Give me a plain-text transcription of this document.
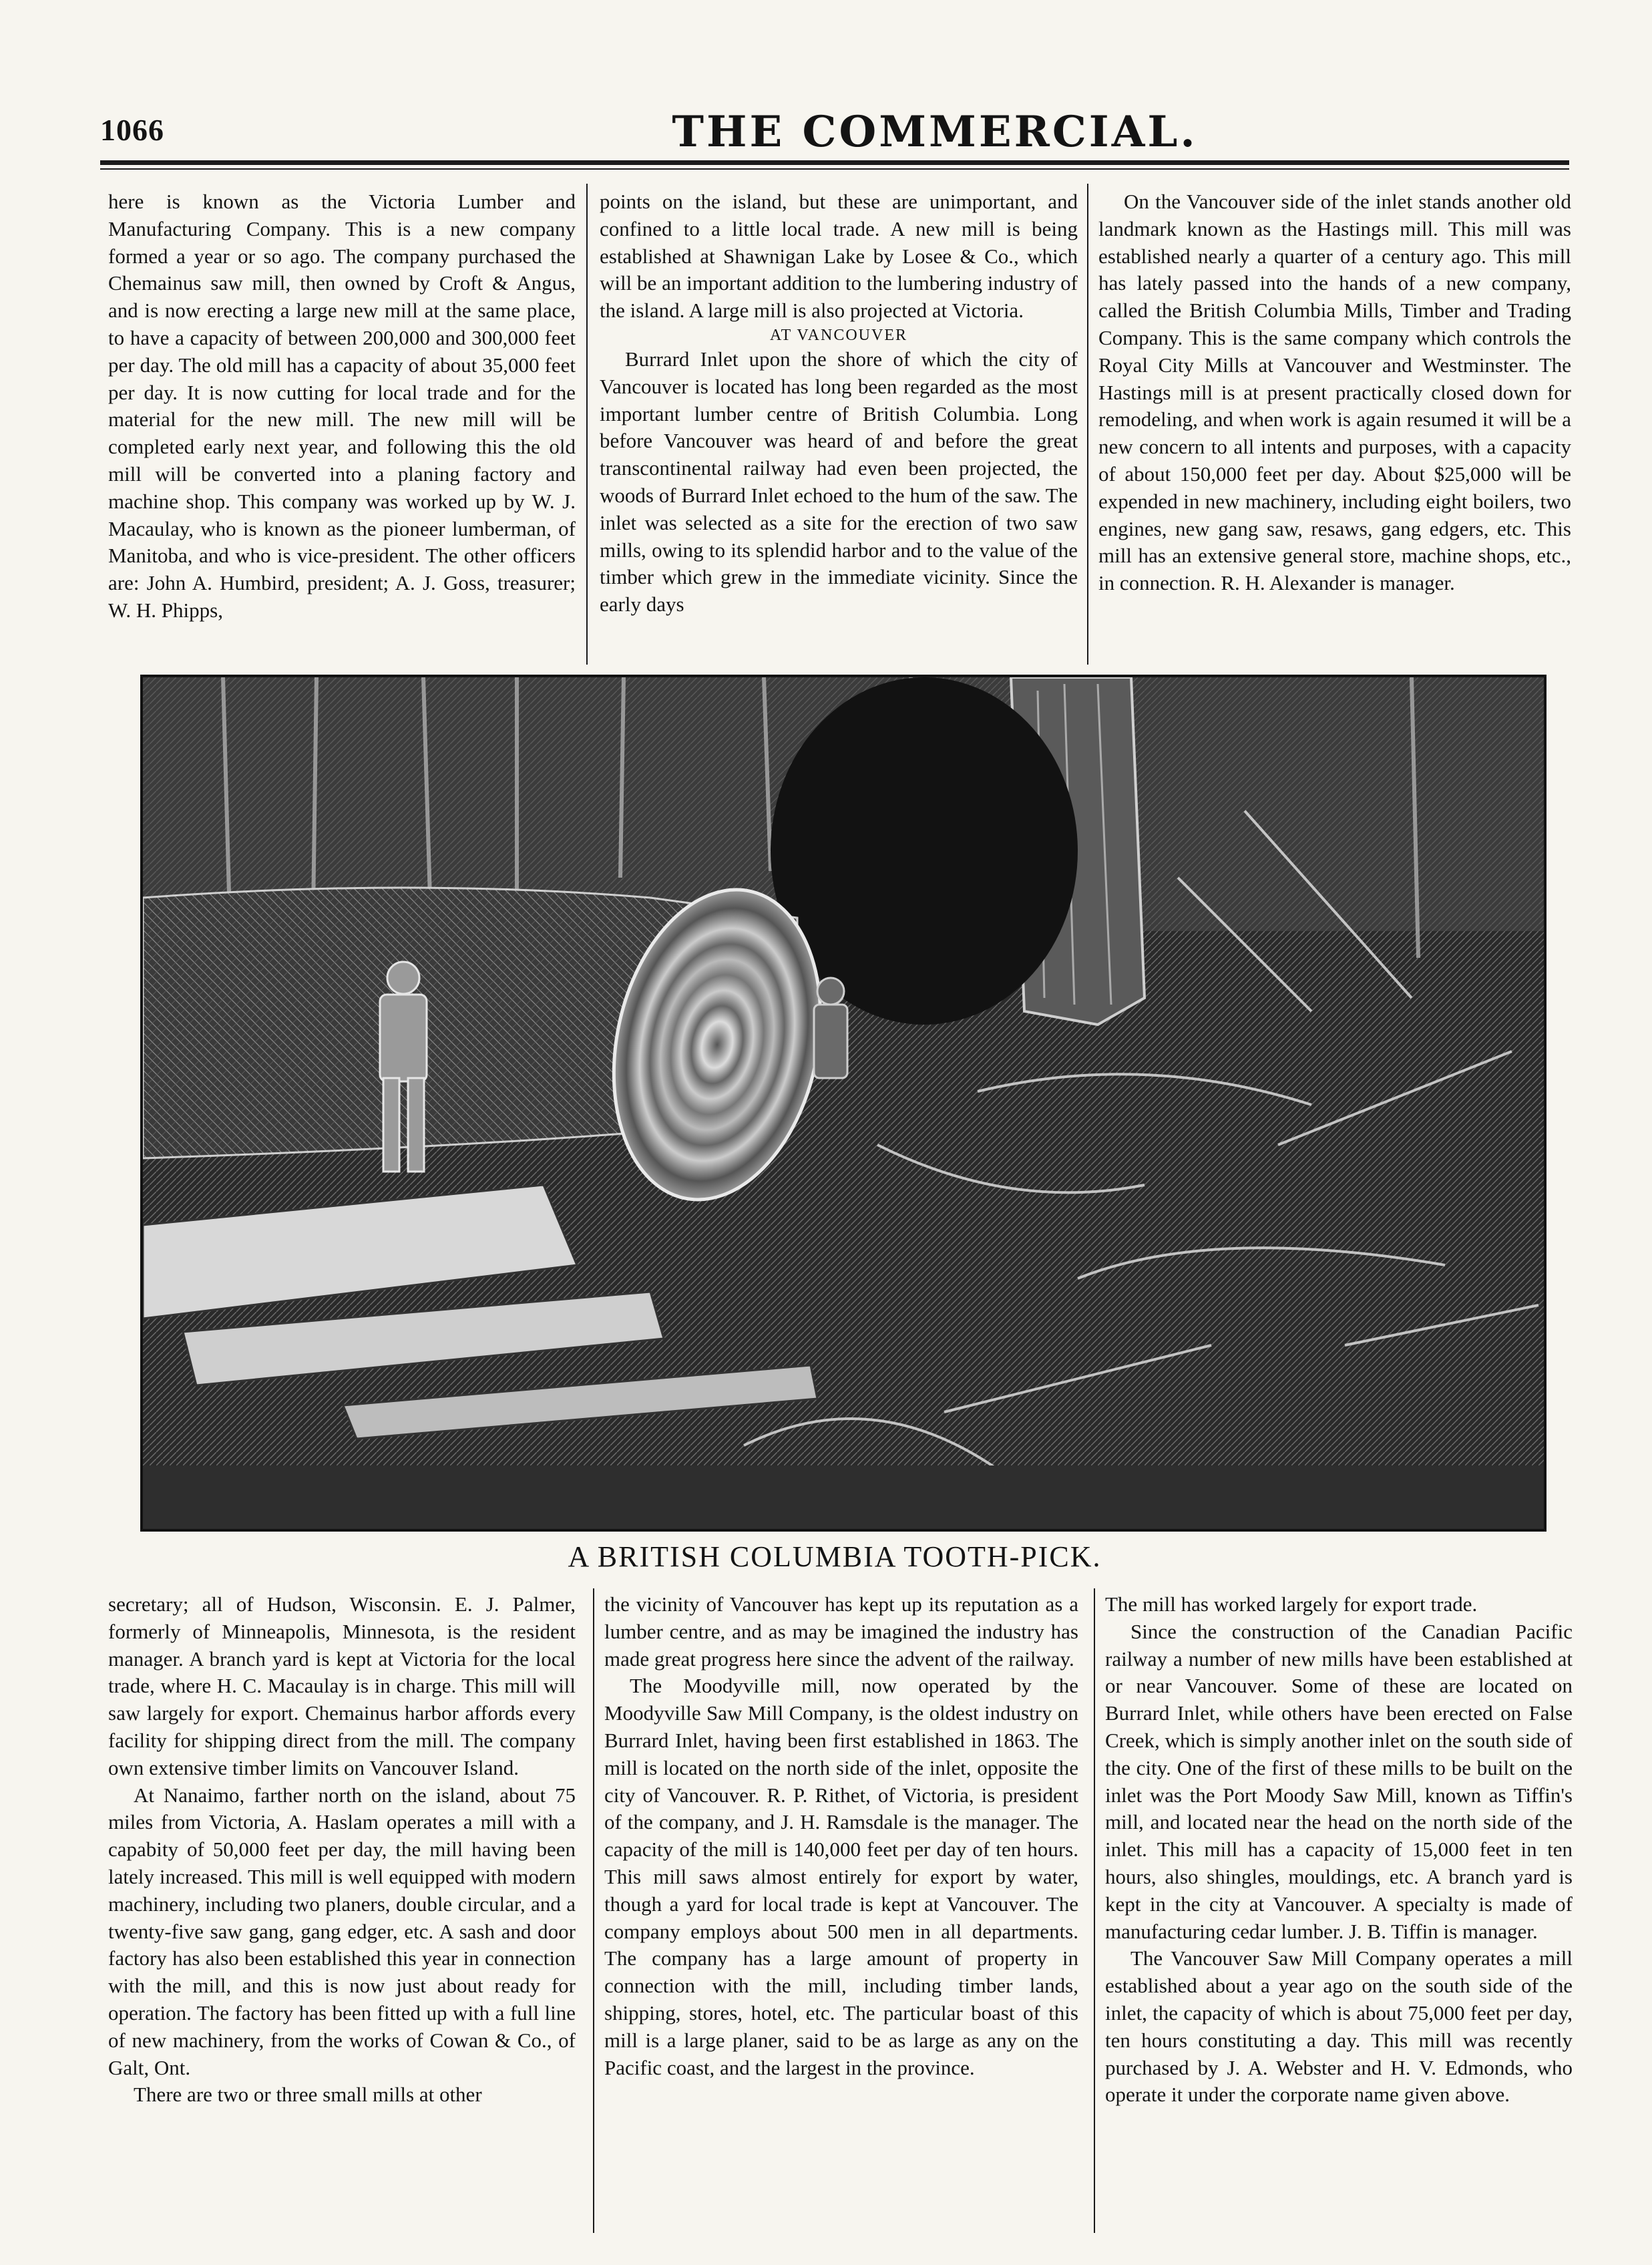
1066	THE COMMERCIAL.

here is known as the Victoria Lumber and Manufacturing Company. This is a new company formed a year or so ago. The company purchased the Chemainus saw mill, then owned by Croft & Angus, and is now erecting a large new mill at the same place, to have a capacity of between 200,000 and 300,000 feet per day. The old mill has a capacity of about 35,000 feet per day. It is now cutting for local trade and for the material for the new mill. The new mill will be completed early next year, and following this the old mill will be converted into a planing factory and machine shop. This company was worked up by W. J. Macaulay, who is known as the pioneer lumberman, of Manitoba, and who is vice-president. The other officers are: John A. Humbird, president; A. J. Goss, treasurer; W. H. Phipps,

points on the island, but these are unimportant, and confined to a little local trade. A new mill is being established at Shawnigan Lake by Losee & Co., which will be an important addition to the lumbering industry of the island. A large mill is also projected at Victoria.

AT VANCOUVER

Burrard Inlet upon the shore of which the city of Vancouver is located has long been regarded as the most important lumber centre of British Columbia. Long before Vancouver was heard of and before the great transcontinental railway had even been projected, the woods of Burrard Inlet echoed to the hum of the saw. The inlet was selected as a site for the erection of two saw mills, owing to its splendid harbor and to the value of the timber which grew in the immediate vicinity. Since the early days

On the Vancouver side of the inlet stands another old landmark known as the Hastings mill. This mill was established nearly a quarter of a century ago. This mill has lately passed into the hands of a new company, called the British Columbia Mills, Timber and Trading Company. This is the same company which controls the Royal City Mills at Vancouver and Westminster. The Hastings mill is at present practically closed down for remodeling, and when work is again resumed it will be a new concern to all intents and purposes, with a capacity of about 150,000 feet per day. About $25,000 will be expended in new machinery, including eight boilers, two engines, new gang saw, resaws, gang edgers, etc. This mill has an extensive general store, machine shops, etc., in connection. R. H. Alexander is manager.

A BRITISH COLUMBIA TOOTH-PICK.

secretary; all of Hudson, Wisconsin. E. J. Palmer, formerly of Minneapolis, Minnesota, is the resident manager. A branch yard is kept at Victoria for the local trade, where H. C. Macaulay is in charge. This mill will saw largely for export. Chemainus harbor affords every facility for shipping direct from the mill. The company own extensive timber limits on Vancouver Island.

At Nanaimo, farther north on the island, about 75 miles from Victoria, A. Haslam operates a mill with a capabity of 50,000 feet per day, the mill having been lately increased. This mill is well equipped with modern machinery, including two planers, double circular, and a twenty-five saw gang, gang edger, etc. A sash and door factory has also been established this year in connection with the mill, and this is now just about ready for operation. The factory has been fitted up with a full line of new machinery, from the works of Cowan & Co., of Galt, Ont.

There are two or three small mills at other

the vicinity of Vancouver has kept up its reputation as a lumber centre, and as may be imagined the industry has made great progress here since the advent of the railway.

The Moodyville mill, now operated by the Moodyville Saw Mill Company, is the oldest industry on Burrard Inlet, having been first established in 1863. The mill is located on the north side of the inlet, opposite the city of Vancouver. R. P. Rithet, of Victoria, is president of the company, and J. H. Ramsdale is the manager. The capacity of the mill is 140,000 feet per day of ten hours. This mill saws almost entirely for export by water, though a yard for local trade is kept at Vancouver. The company employs about 500 men in all departments. The company has a large amount of property in connection with the mill, including timber lands, shipping, stores, hotel, etc. The particular boast of this mill is a large planer, said to be as large as any on the Pacific coast, and the largest in the province.

The mill has worked largely for export trade.

Since the construction of the Canadian Pacific railway a number of new mills have been established at or near Vancouver. Some of these are located on Burrard Inlet, while others have been erected on False Creek, which is simply another inlet on the south side of the city. One of the first of these mills to be built on the inlet was the Port Moody Saw Mill, known as Tiffin's mill, and located near the head on the north side of the inlet. This mill has a capacity of 15,000 feet in ten hours, also shingles, mouldings, etc. A branch yard is kept in the city at Vancouver. A specialty is made of manufacturing cedar lumber. J. B. Tiffin is manager.

The Vancouver Saw Mill Company operates a mill established about a year ago on the south side of the inlet, the capacity of which is about 75,000 feet per day, ten hours constituting a day. This mill was recently purchased by J. A. Webster and H. V. Edmonds, who operate it under the corporate name given above.
